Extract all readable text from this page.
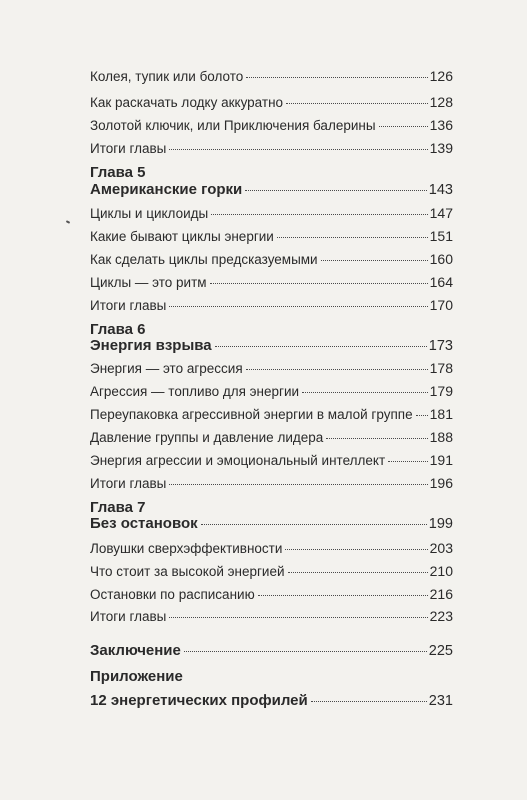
Колея, тупик или болото	126
Как раскачать лодку аккуратно	128
Золотой ключик, или Приключения балерины	136
Итоги главы	139
Глава 5
Американские горки	143
Циклы и циклоиды	147
Какие бывают циклы энергии	151
Как сделать циклы предсказуемыми	160
Циклы — это ритм	164
Итоги главы	170
Глава 6
Энергия взрыва	173
Энергия — это агрессия	178
Агрессия — топливо для энергии	179
Переупаковка агрессивной энергии в малой группе 181
Давление группы и давление лидера	188
Энергия агрессии и эмоциональный интеллект	191
Итоги главы	196
Глава 7
Без остановок	199
Ловушки сверхэффективности	203
Что стоит за высокой энергией	210
Остановки по расписанию	216
Итоги главы	223
Заключение	225
Приложение
12 энергетических профилей	231
